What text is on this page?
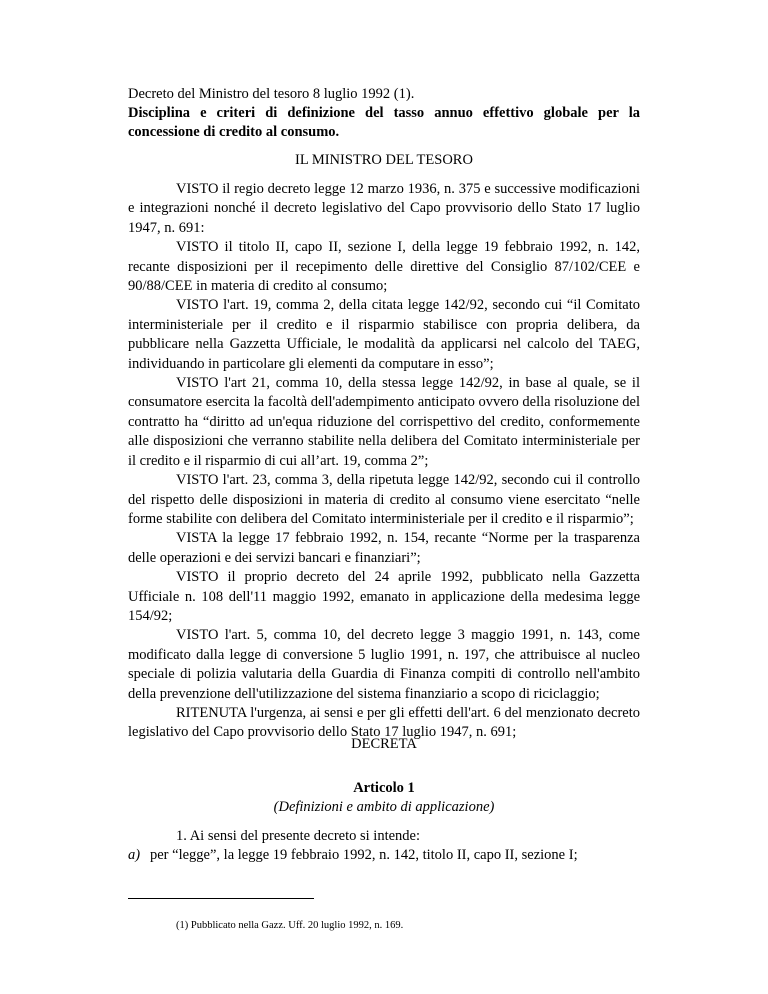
Decreto del Ministro del tesoro 8 luglio 1992 (1).

Disciplina e criteri di definizione del tasso annuo effettivo globale per la concessione di credito al consumo.

IL MINISTRO DEL TESORO

VISTO il regio decreto legge 12 marzo 1936, n. 375 e successive modificazioni e integrazioni nonché il decreto legislativo del Capo provvisorio dello Stato 17 luglio 1947, n. 691:

VISTO il titolo II, capo II, sezione I, della legge 19 febbraio 1992, n. 142, recante disposizioni per il recepimento delle direttive del Consiglio 87/102/CEE e 90/88/CEE in materia di credito al consumo;

VISTO l'art. 19, comma 2, della citata legge 142/92, secondo cui “il Comitato interministeriale per il credito e il risparmio stabilisce con propria delibera, da pubblicare nella Gazzetta Ufficiale, le modalità da applicarsi nel calcolo del TAEG, individuando in particolare gli elementi da computare in esso”;

VISTO l'art 21, comma 10, della stessa legge 142/92, in base al quale, se il consumatore esercita la facoltà dell'adempimento anticipato ovvero della risoluzione del contratto ha “diritto ad un'equa riduzione del corrispettivo del credito, conformemente alle disposizioni che verranno stabilite nella delibera del Comitato interministeriale per il credito e il risparmio di cui all’art. 19, comma 2”;

VISTO l'art. 23, comma 3, della ripetuta legge 142/92, secondo cui il controllo del rispetto delle disposizioni in materia di credito al consumo viene esercitato “nelle forme stabilite con delibera del Comitato interministeriale per il credito e il risparmio”;

VISTA la legge 17 febbraio 1992, n. 154, recante “Norme per la trasparenza delle operazioni e dei servizi bancari e finanziari”;

VISTO il proprio decreto del 24 aprile 1992, pubblicato nella Gazzetta Ufficiale n. 108 dell'11 maggio 1992, emanato in applicazione della medesima legge 154/92;

VISTO l'art. 5, comma 10, del decreto legge 3 maggio 1991, n. 143, come modificato dalla legge di conversione 5 luglio 1991, n. 197, che attribuisce al nucleo speciale di polizia valutaria della Guardia di Finanza compiti di controllo nell'ambito della prevenzione dell'utilizzazione del sistema finanziario a scopo di riciclaggio;

RITENUTA l'urgenza, ai sensi e per gli effetti dell'art. 6 del menzionato decreto legislativo del Capo provvisorio dello Stato 17 luglio 1947, n. 691;

DECRETA

Articolo 1

(Definizioni e ambito di applicazione)

1. Ai sensi del presente decreto si intende:

a) per “legge”, la legge 19 febbraio 1992, n. 142, titolo II, capo II, sezione I;

(1) Pubblicato nella Gazz. Uff. 20 luglio 1992, n. 169.
